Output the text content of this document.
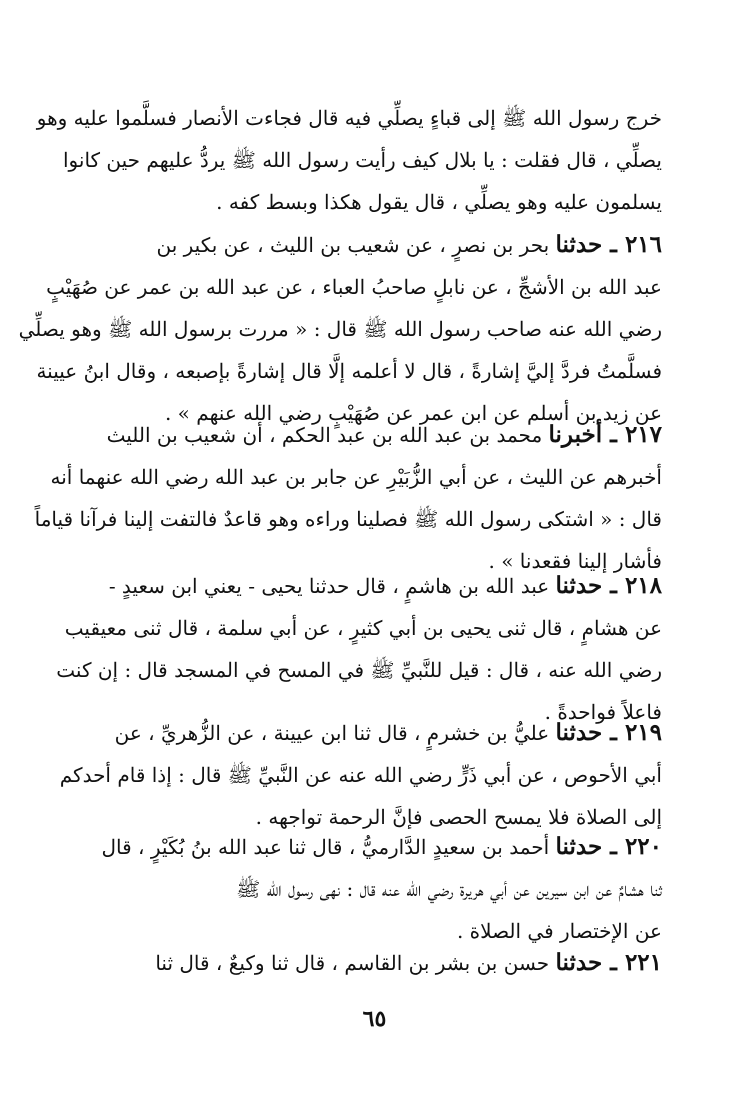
خرج رسول الله ﷺ إلى قباءٍ يصلِّي فيه قال فجاءت الأنصار فسلَّموا عليه وهو
يصلِّي ، قال فقلت : يا بلال كيف رأيت رسول الله ﷺ يردُّ عليهم حين كانوا
يسلمون عليه وهو يصلِّي ، قال يقول هكذا وبسط كفه .
٢١٦ ـ حدثنا بحر بن نصرٍ ، عن شعيب بن الليث ، عن بكير بن
عبد الله بن الأشجِّ ، عن نابلٍ صاحبُ العباء ، عن عبد الله بن عمر عن صُهَيْبٍ
رضي الله عنه صاحب رسول الله ﷺ قال : « مررت برسول الله ﷺ وهو يصلِّي
فسلَّمتُ فردَّ إليَّ إشارةً ، قال لا أعلمه إلَّا قال إشارةً بإصبعه ، وقال ابنُ عيينة
عن زيد بن أسلم عن ابن عمر عن صُهَيْبٍ رضي الله عنهم » .
٢١٧ ـ أخبرنا محمد بن عبد الله بن عبد الحكم ، أن شعيب بن الليث
أخبرهم عن الليث ، عن أبي الزُّبَيْرِ عن جابر بن عبد الله رضي الله عنهما أنه
قال : « اشتكى رسول الله ﷺ فصلينا وراءه وهو قاعدٌ فالتفت إلينا فرآنا قياماً
فأشار إلينا فقعدنا » .
٢١٨ ـ حدثنا عبد الله بن هاشمٍ ، قال حدثنا يحيى - يعني ابن سعيدٍ -
عن هشامٍ ، قال ثنى يحيى بن أبي كثيرٍ ، عن أبي سلمة ، قال ثنى معيقيب
رضي الله عنه ، قال : قيل للنَّبيِّ ﷺ في المسح في المسجد قال : إن كنت
فاعلاً فواحدةً .
٢١٩ ـ حدثنا عليُّ بن خشرمٍ ، قال ثنا ابن عيينة ، عن الزُّهريِّ ، عن
أبي الأحوص ، عن أبي ذَرٍّ رضي الله عنه عن النَّبيِّ ﷺ قال : إذا قام أحدكم
إلى الصلاة فلا يمسح الحصى فإنَّ الرحمة تواجهه .
٢٢٠ ـ حدثنا أحمد بن سعيدٍ الدَّارميُّ ، قال ثنا عبد الله بنُ بُكَيْرٍ ، قال
ثنا هشامٌ عن ابن سيرين عن أبي هريرة رضي الله عنه قال : نهى رسول الله ﷺ
عن الإختصار في الصلاة .
٢٢١ ـ حدثنا حسن بن بشر بن القاسم ، قال ثنا وكيعٌ ، قال ثنا
٦٥
